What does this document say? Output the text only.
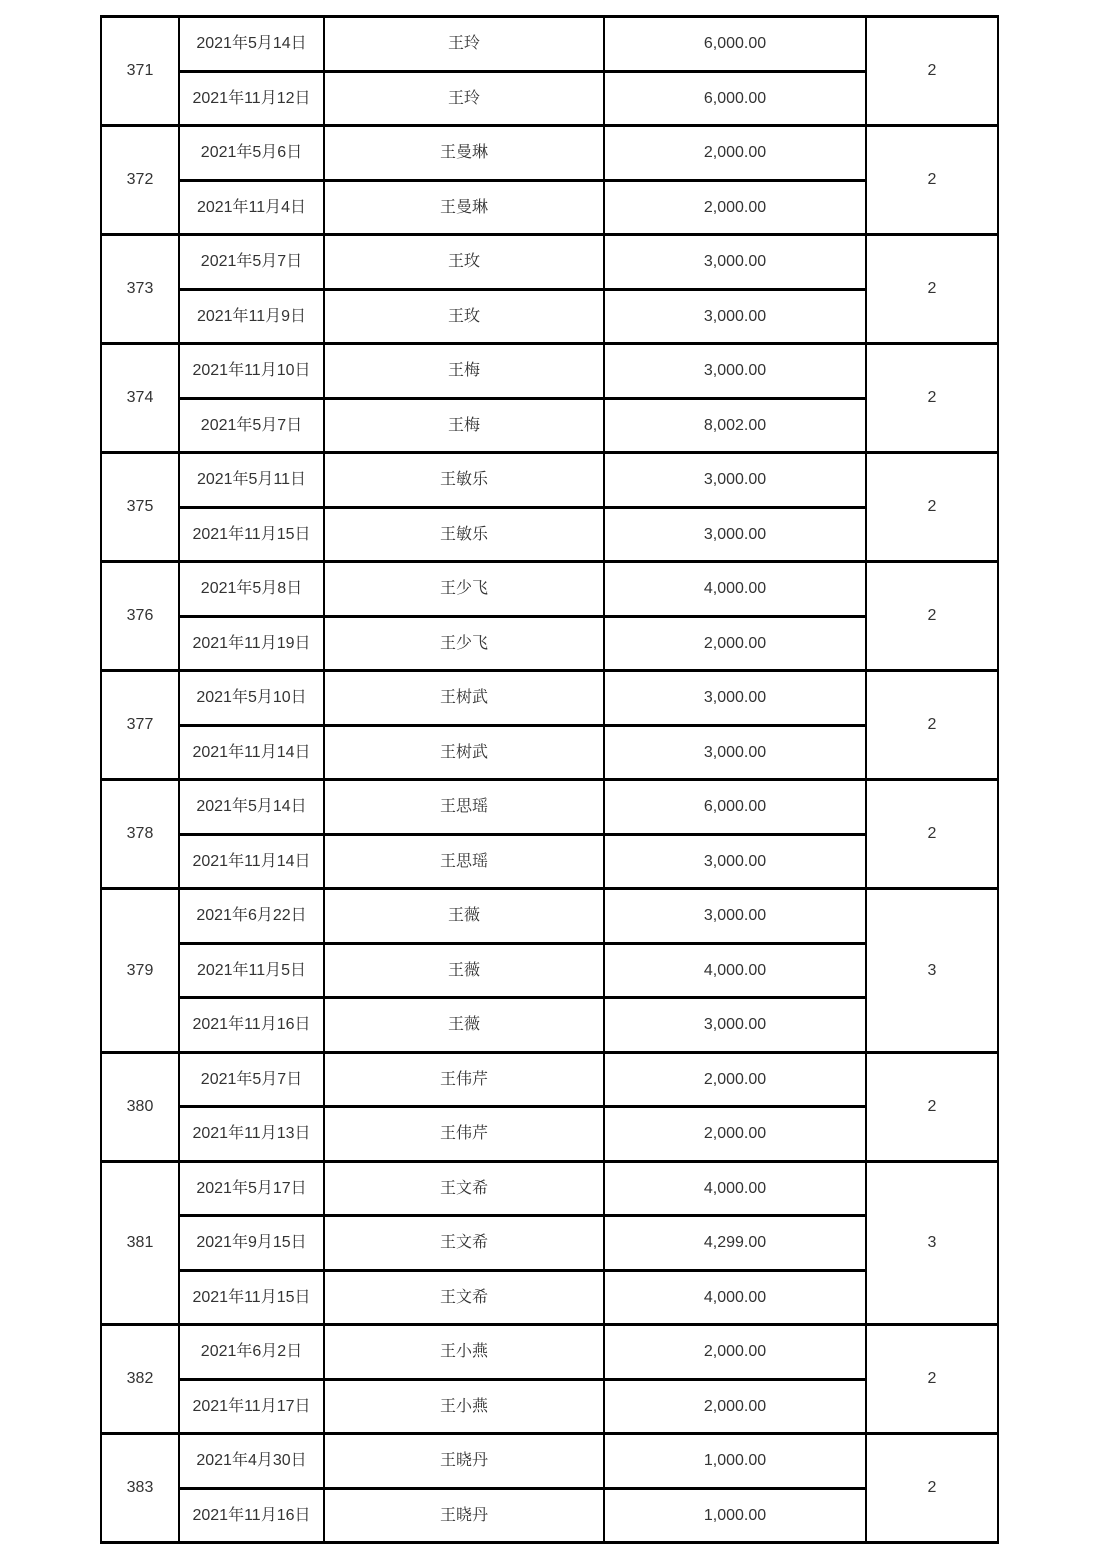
371	2021年5月14日	王玲	6,000.00	2
	2021年11月12日	王玲	6,000.00	
372	2021年5月6日	王曼琳	2,000.00	2
	2021年11月4日	王曼琳	2,000.00	
373	2021年5月7日	王玫	3,000.00	2
	2021年11月9日	王玫	3,000.00	
374	2021年11月10日	王梅	3,000.00	2
	2021年5月7日	王梅	8,002.00	
375	2021年5月11日	王敏乐	3,000.00	2
	2021年11月15日	王敏乐	3,000.00	
376	2021年5月8日	王少飞	4,000.00	2
	2021年11月19日	王少飞	2,000.00	
377	2021年5月10日	王树武	3,000.00	2
	2021年11月14日	王树武	3,000.00	
378	2021年5月14日	王思瑶	6,000.00	2
	2021年11月14日	王思瑶	3,000.00	
379	2021年6月22日	王薇	3,000.00	3
	2021年11月5日	王薇	4,000.00	
	2021年11月16日	王薇	3,000.00	
380	2021年5月7日	王伟芹	2,000.00	2
	2021年11月13日	王伟芹	2,000.00	
381	2021年5月17日	王文希	4,000.00	3
	2021年9月15日	王文希	4,299.00	
	2021年11月15日	王文希	4,000.00	
382	2021年6月2日	王小燕	2,000.00	2
	2021年11月17日	王小燕	2,000.00	
383	2021年4月30日	王晓丹	1,000.00	2
	2021年11月16日	王晓丹	1,000.00	
